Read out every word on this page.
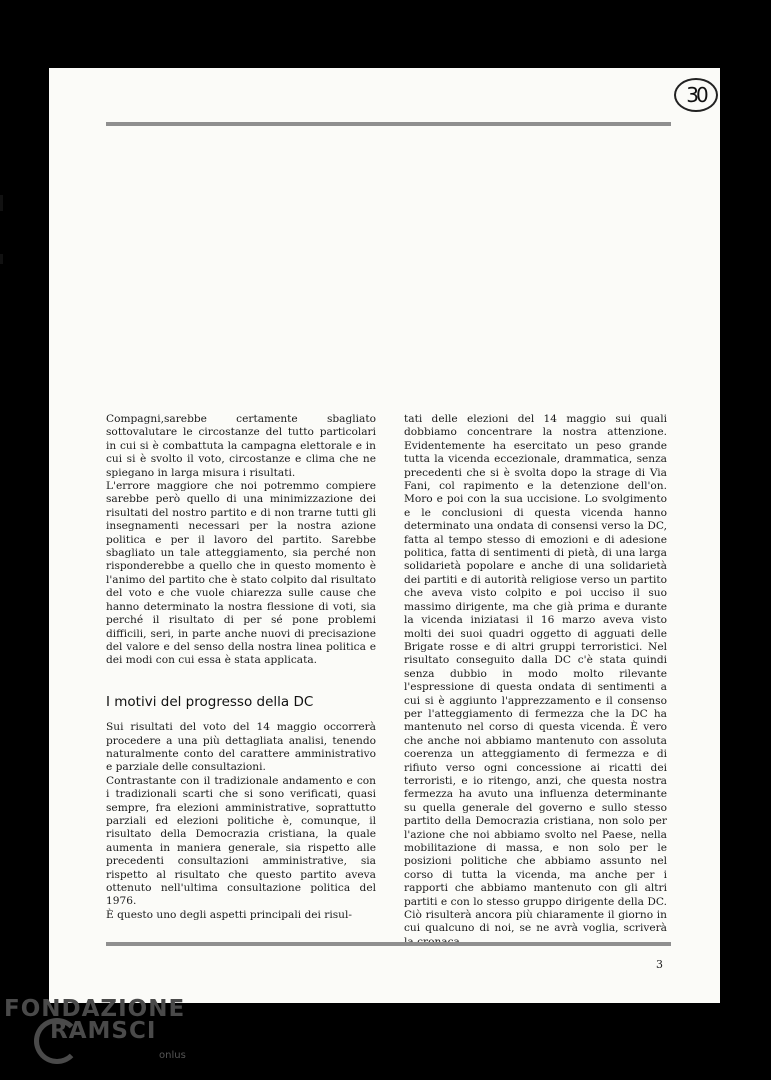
30

Compagni,sarebbe certamente sbagliato sottovalutare le circostanze del tutto particolari in cui si è combattuta la campagna elettorale e in cui si è svolto il voto, circostanze e clima che ne spiegano in larga misura i risultati.

L'errore maggiore che noi potremmo compiere sarebbe però quello di una minimizzazione dei risultati del nostro partito e di non trarne tutti gli insegnamenti necessari per la nostra azione politica e per il lavoro del partito. Sarebbe sbagliato un tale atteggiamento, sia perché non risponderebbe a quello che in questo momento è l'animo del partito che è stato colpito dal risultato del voto e che vuole chiarezza sulle cause che hanno determinato la nostra flessione di voti, sia perché il risultato di per sé pone problemi difficili, seri, in parte anche nuovi di precisazione del valore e del senso della nostra linea politica e dei modi con cui essa è stata applicata.

I motivi del progresso della DC

Sui risultati del voto del 14 maggio occorrerà procedere a una più dettagliata analisi, tenendo naturalmente conto del carattere amministrativo e parziale delle consultazioni.

Contrastante con il tradizionale andamento e con i tradizionali scarti che si sono verificati, quasi sempre, fra elezioni amministrative, soprattutto parziali ed elezioni politiche è, comunque, il risultato della Democrazia cristiana, la quale aumenta in maniera generale, sia rispetto alle precedenti consultazioni amministrative, sia rispetto al risultato che questo partito aveva ottenuto nell'ultima consultazione politica del 1976.

È questo uno degli aspetti principali dei risul-

tati delle elezioni del 14 maggio sui quali dobbiamo concentrare la nostra attenzione. Evidentemente ha esercitato un peso grande tutta la vicenda eccezionale, drammatica, senza precedenti che si è svolta dopo la strage di Via Fani, col rapimento e la detenzione dell'on. Moro e poi con la sua uccisione. Lo svolgimento e le conclusioni di questa vicenda hanno determinato una ondata di consensi verso la DC, fatta al tempo stesso di emozioni e di adesione politica, fatta di sentimenti di pietà, di una larga solidarietà popolare e anche di una solidarietà dei partiti e di autorità religiose verso un partito che aveva visto colpito e poi ucciso il suo massimo dirigente, ma che già prima e durante la vicenda iniziatasi il 16 marzo aveva visto molti dei suoi quadri oggetto di agguati delle Brigate rosse e di altri gruppi terroristici. Nel risultato conseguito dalla DC c'è stata quindi senza dubbio in modo molto rilevante l'espressione di questa ondata di sentimenti a cui si è aggiunto l'apprezzamento e il consenso per l'atteggiamento di fermezza che la DC ha mantenuto nel corso di questa vicenda. È vero che anche noi abbiamo mantenuto con assoluta coerenza un atteggiamento di fermezza e di rifiuto verso ogni concessione ai ricatti dei terroristi, e io ritengo, anzi, che questa nostra fermezza ha avuto una influenza determinante su quella generale del governo e sullo stesso partito della Democrazia cristiana, non solo per l'azione che noi abbiamo svolto nel Paese, nella mobilitazione di massa, e non solo per le posizioni politiche che abbiamo assunto nel corso di tutta la vicenda, ma anche per i rapporti che abbiamo mantenuto con gli altri partiti e con lo stesso gruppo dirigente della DC. Ciò risulterà ancora più chiaramente il giorno in cui qualcuno di noi, se ne avrà voglia, scriverà

3
FONDAZIONE
RAMSCI
onlus
